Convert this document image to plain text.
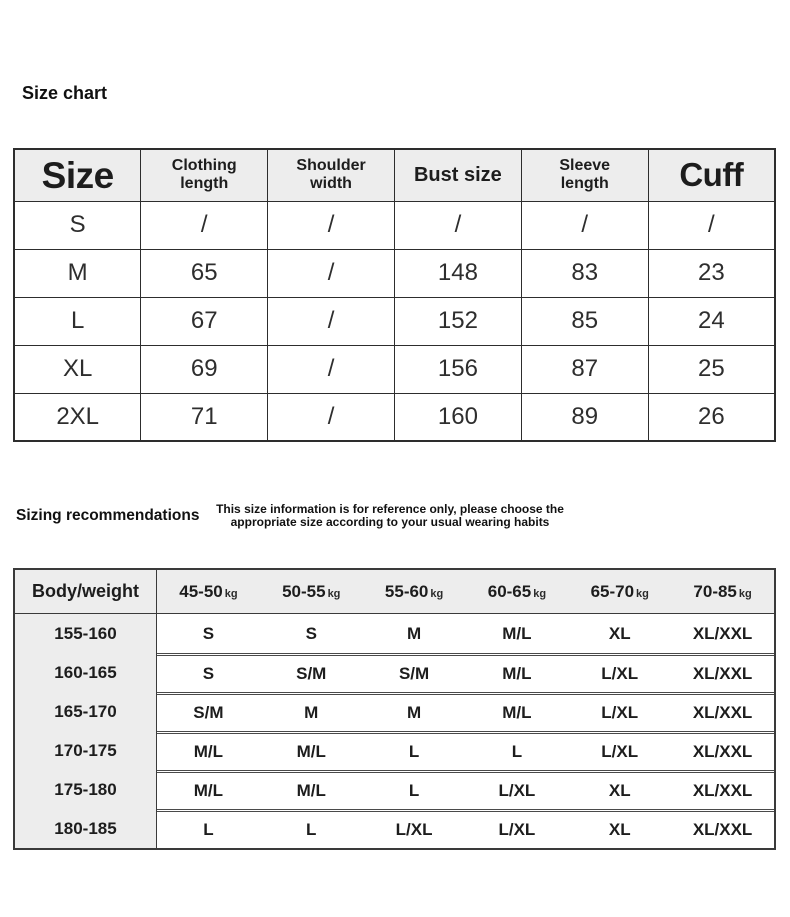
Size chart
Size	Clothing length	Shoulder width	Bust size	Sleeve length	Cuff
S	/	/	/	/	/
M	65	/	148	83	23
L	67	/	152	85	24
XL	69	/	156	87	25
2XL	71	/	160	89	26
Sizing recommendations	This size information is for reference only, please choose the
appropriate size according to your usual wearing habits
Body/weight	45-50 kg	50-55 kg	55-60 kg	60-65 kg	65-70 kg	70-85 kg
155-160	S	S	M	M/L	XL	XL/XXL
160-165	S	S/M	S/M	M/L	L/XL	XL/XXL
165-170	S/M	M	M	M/L	L/XL	XL/XXL
170-175	M/L	M/L	L	L	L/XL	XL/XXL
175-180	M/L	M/L	L	L/XL	XL	XL/XXL
180-185	L	L	L/XL	L/XL	XL	XL/XXL
